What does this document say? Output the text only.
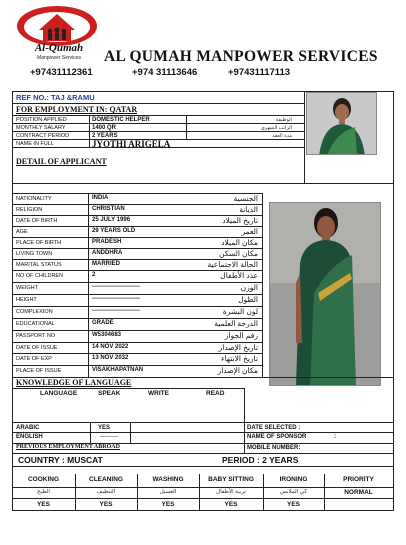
Al-Qumah
Manpower Services	AL QUMAH MANPOWER SERVICES
+97431112361	+974 31113646	+97431117113
REF NO.: TAJ &RAMU
FOR EMPLOYMENT IN: QATAR
POSITION APPLIED	DOMESTIC HELPER	الوظيفة
MONTHLY SALARY	1400 QR	الراتب الشهري
CONTRACT PERIOD	2 YEARS	مدة العقد
NAME IN FULL	JYOTHI ARIGELA
DETAIL OF APPLICANT
NATIONALITY	INDIA	الجنسية
RELIGION	CHRISTIAN	الديانة
DATE OF BIRTH	25 JULY 1996	تاريخ الميلاد
AGE	29 YEARS OLD	العمر
PLACE OF BIRTH	PRADESH	مكان الميلاد
LIVING TOWN	ANDDHRA	مكان السكن
MARITAL STATUS	MARRIED	الحالة الاجتماعية
NO OF CHILDREN	2	عدد الأطفال
WEIGHT	------------------------	الوزن
HEIGHT	------------------------	الطول
COMPLEXION	------------------------	لون البشرة
EDUCATIONAL	GRADE	الدرجة العلمية
PASSPORT NO	W5304683	رقم الجواز
DATE OF ISSUE	14 NOV 2022	تاريخ الإصدار
DATE OF EXP	13 NOV 2032	تاريخ الانتهاء
PLACE OF ISSUE	VISAKHAPATNAN	مكان الإصدار
KNOWLEDGE OF LANGUAGE
LANGUAGE	SPEAK	WRITE	READ
ARABIC	YES
ENGLISH	---------
DATE SELECTED :
NAME OF SPONSOR	:
MOBILE NUMBER:
PREVIOUS EMPLOYMENT ABROAD
COUNTRY : MUSCAT	PERIOD : 2 YEARS
COOKING	CLEANING	WASHING	BABY SITTING	IRONING	PRIORITY
الطبخ	التنظيف	الغسيل	تربية الأطفال	كي الملابس	NORMAL
YES	YES	YES	YES	YES
